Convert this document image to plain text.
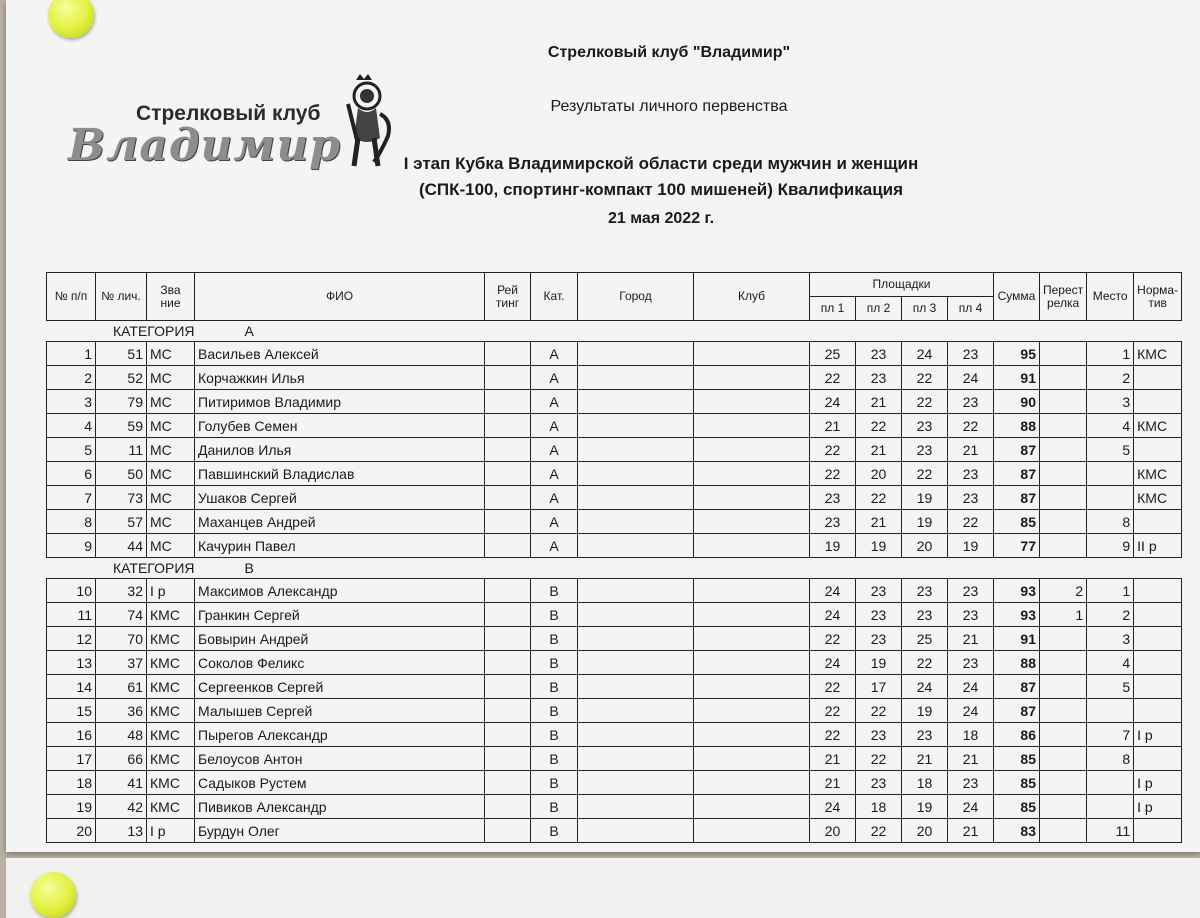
Стрелковый клуб "Владимир"
Результаты личного первенства
I этап Кубка Владимирской области среди мужчин и женщин
(СПК-100, спортинг-компакт 100 мишеней) Квалификация
21 мая 2022 г.
Стрелковый клуб
Владимир
№ п/п	№ лич.	Зва ние	ФИО	Рей тинг	Кат.	Город	Клуб	Площадки				Сумма	Перест релка	Место	Норма- тив
								пл 1	пл 2	пл 3	пл 4				
КАТЕГОРИЯ A															
1	51	МС	Васильев Алексей		A			25	23	24	23	95		1	КМС
2	52	МС	Корчажкин Илья		A			22	23	22	24	91		2	
3	79	МС	Питиримов Владимир		A			24	21	22	23	90		3	
4	59	МС	Голубев Семен		A			21	22	23	22	88		4	КМС
5	11	МС	Данилов Илья		A			22	21	23	21	87		5	
6	50	МС	Павшинский Владислав		A			22	20	22	23	87			КМС
7	73	МС	Ушаков Сергей		A			23	22	19	23	87			КМС
8	57	МС	Маханцев Андрей		A			23	21	19	22	85		8	
9	44	МС	Качурин Павел		A			19	19	20	19	77		9	II р
КАТЕГОРИЯ B															
10	32	I р	Максимов Александр		B			24	23	23	23	93	2	1	
11	74	КМС	Гранкин Сергей		B			24	23	23	23	93	1	2	
12	70	КМС	Бовырин Андрей		B			22	23	25	21	91		3	
13	37	КМС	Соколов Феликс		B			24	19	22	23	88		4	
14	61	КМС	Сергеенков Сергей		B			22	17	24	24	87		5	
15	36	КМС	Малышев Сергей		B			22	22	19	24	87			
16	48	КМС	Пырегов Александр		B			22	23	23	18	86		7	I р
17	66	КМС	Белоусов Антон		B			21	22	21	21	85		8	
18	41	КМС	Садыков Рустем		B			21	23	18	23	85			I р
19	42	КМС	Пивиков Александр		B			24	18	19	24	85			I р
20	13	I р	Бурдун Олег		B			20	22	20	21	83		11	
